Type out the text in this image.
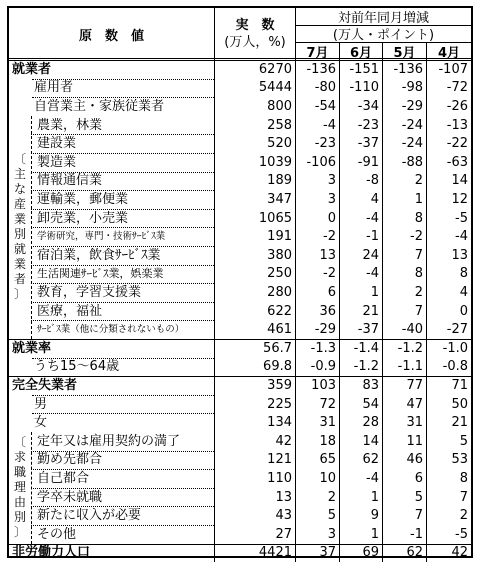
原　数　値
実　数
(万人，%)
対前年同月増減
(万人・ポイント)
7月	6月	5月	4月
就業者	6270	-136	-151	-136	-107
雇用者	5444	-80	-110	-98	-72
自営業主・家族従業者	800	-54	-34	-29	-26
農業，林業	258	-4	-23	-24	-13
建設業	520	-23	-37	-24	-22
製造業	1039	-106	-91	-88	-63
情報通信業	189	3	-8	2	14
運輸業，郵便業	347	3	4	1	12
卸売業，小売業	1065	0	-4	8	-5
学術研究，専門・技術ｻｰﾋﾞｽ業	191	-2	-1	-2	-4
宿泊業，飲食ｻｰﾋﾞｽ業	380	13	24	7	13
生活関連ｻｰﾋﾞｽ業，娯楽業	250	-2	-4	8	8
教育，学習支援業	280	6	1	2	4
医療，福祉	622	36	21	7	0
ｻｰﾋﾞｽ業（他に分類されないもの）	461	-29	-37	-40	-27
就業率	56.7	-1.3	-1.4	-1.2	-1.0
うち15～64歳	69.8	-0.9	-1.2	-1.1	-0.8
完全失業者	359	103	83	77	71
男	225	72	54	47	50
女	134	31	28	31	21
定年又は雇用契約の満了	42	18	14	11	5
勤め先都合	121	65	62	46	53
自己都合	110	10	-4	6	8
学卒未就職	13	2	1	5	7
新たに収入が必要	43	5	9	7	2
その他	27	3	1	-1	-5
非労働力人口	4421	37	69	62	42
〔
主
な
産
業
別
就
業
者
〕
〔
求
職
理
由
別
〕
